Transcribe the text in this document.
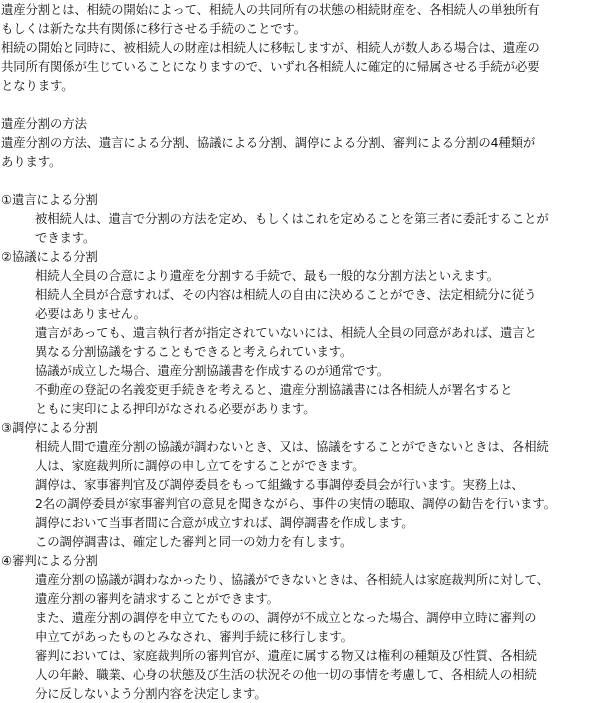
遺産分割とは、相続の開始によって、相続人の共同所有の状態の相続財産を、各相続人の単独所有
もしくは新たな共有関係に移行させる手続のことです。
相続の開始と同時に、被相続人の財産は相続人に移転しますが、相続人が数人ある場合は、遺産の
共同所有関係が生じていることになりますので、いずれ各相続人に確定的に帰属させる手続が必要
となります。
遺産分割の方法
遺産分割の方法、遺言による分割、協議による分割、調停による分割、審判による分割の4種類が
あります。
①遺言による分割
被相続人は、遺言で分割の方法を定め、もしくはこれを定めることを第三者に委託することが
できます。
②協議による分割
相続人全員の合意により遺産を分割する手続で、最も一般的な分割方法といえます。
相続人全員が合意すれば、その内容は相続人の自由に決めることができ、法定相続分に従う
必要はありません。
遺言があっても、遺言執行者が指定されていないには、相続人全員の同意があれば、遺言と
異なる分割協議をすることもできると考えられています。
協議が成立した場合、遺産分割協議書を作成するのが通常です。
不動産の登記の名義変更手続きを考えると、遺産分割協議書には各相続人が署名すると
ともに実印による押印がなされる必要があります。
③調停による分割
相続人間で遺産分割の協議が調わないとき、又は、協議をすることができないときは、各相続
人は、家庭裁判所に調停の申し立てをすることができます。
調停は、家事審判官及び調停委員をもって組織する事調停委員会が行います。実務上は、
2名の調停委員が家事審判官の意見を聞きながら、事件の実情の聴取、調停の勧告を行います。
調停において当事者間に合意が成立すれば、調停調書を作成します。
この調停調書は、確定した審判と同一の効力を有します。
④審判による分割
遺産分割の協議が調わなかったり、協議ができないときは、各相続人は家庭裁判所に対して、
遺産分割の審判を請求することができます。
また、遺産分割の調停を申立てたものの、調停が不成立となった場合、調停申立時に審判の
申立てがあったものとみなされ、審判手続に移行します。
審判においては、家庭裁判所の審判官が、遺産に属する物又は権利の種類及び性質、各相続
人の年齢、職業、心身の状態及び生活の状況その他一切の事情を考慮して、各相続人の相続
分に反しないよう分割内容を決定します。
